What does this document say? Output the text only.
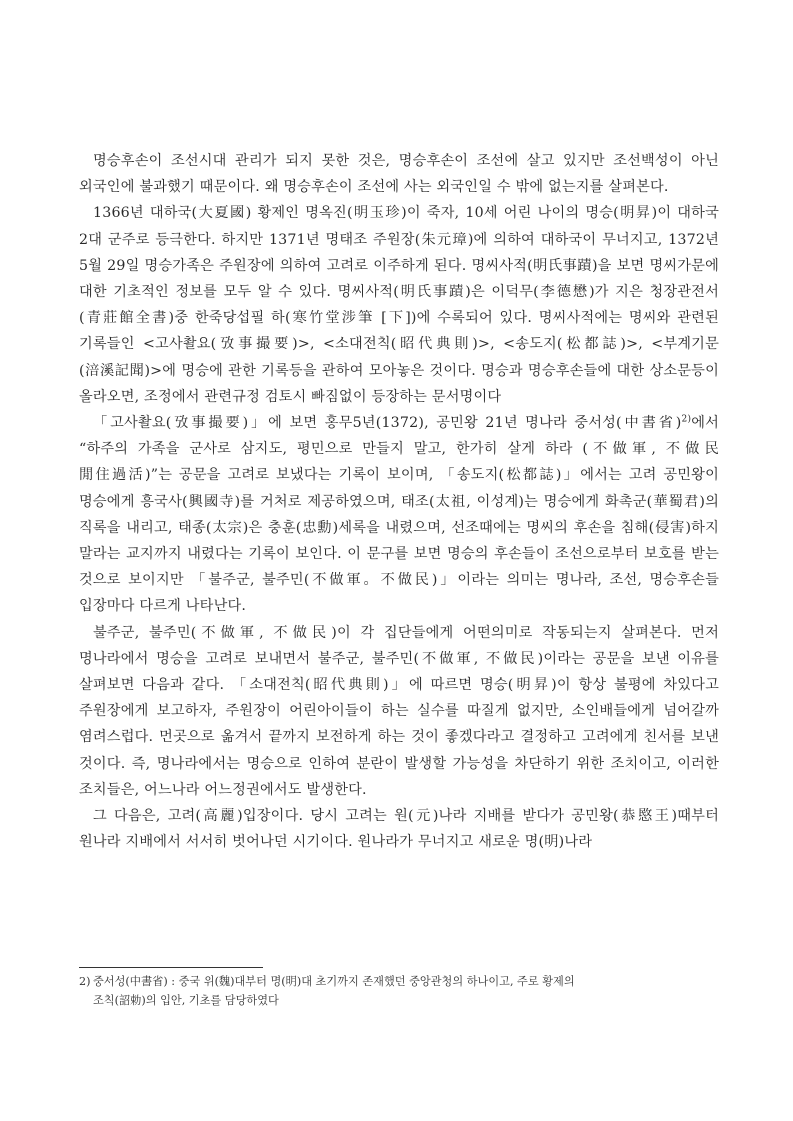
명승후손이 조선시대 관리가 되지 못한 것은, 명승후손이 조선에 살고 있지만 조선백성이 아닌 외국인에 불과했기 때문이다. 왜 명승후손이 조선에 사는 외국인일 수 밖에 없는지를 살펴본다.

1366년 대하국(大夏國) 황제인 명옥진(明玉珍)이 죽자, 10세 어린 나이의 명승(明昇)이 대하국 2대 군주로 등극한다. 하지만 1371년 명태조 주원장(朱元璋)에 의하여 대하국이 무너지고, 1372년 5월 29일 명승가족은 주원장에 의하여 고려로 이주하게 된다. 명씨사적(明氏事蹟)을 보면 명씨가문에 대한 기초적인 정보를 모두 알 수 있다. 명씨사적(明氏事蹟)은 이덕무(李德懋)가 지은 청장관전서(青莊館全書)중 한죽당섭필 하(寒竹堂涉筆 [下])에 수록되어 있다. 명씨사적에는 명씨와 관련된 기록들인 <고사촬요(攷事撮要)>, <소대전칙(昭代典則)>, <송도지(松都誌)>, <부계기문(涪溪記聞)>에 명승에 관한 기록등을 관하여 모아놓은 것이다. 명승과 명승후손들에 대한 상소문등이 올라오면, 조정에서 관련규정 검토시 빠짐없이 등장하는 문서명이다

「고사촬요(攷事撮要)」에 보면 홍무5년(1372), 공민왕 21년 명나라 중서성(中書省)$^{2)}$에서 “하주의 가족을 군사로 삼지도, 평민으로 만들지 말고, 한가히 살게 하라 (不做軍, 不做民 閒住過活)”는 공문을 고려로 보냈다는 기록이 보이며, 「송도지(松都誌)」에서는 고려 공민왕이 명승에게 흥국사(興國寺)를 거처로 제공하였으며, 태조(太祖, 이성계)는 명승에게 화촉군(華蜀君)의 직록을 내리고, 태종(太宗)은 충훈(忠勳)세록을 내렸으며, 선조때에는 명씨의 후손을 침해(侵害)하지 말라는 교지까지 내렸다는 기록이 보인다. 이 문구를 보면 명승의 후손들이 조선으로부터 보호를 받는 것으로 보이지만 「불주군, 불주민(不做軍。不做民)」이라는 의미는 명나라, 조선, 명승후손들 입장마다 다르게 나타난다.

불주군, 불주민(不做軍, 不做民)이 각 집단들에게 어떤의미로 작동되는지 살펴본다. 먼저 명나라에서 명승을 고려로 보내면서 불주군, 불주민(不做軍, 不做民)이라는 공문을 보낸 이유를 살펴보면 다음과 같다. 「소대전칙(昭代典則)」에 따르면 명승(明昇)이 항상 불평에 차있다고 주원장에게 보고하자, 주원장이 어린아이들이 하는 실수를 따질게 없지만, 소인배들에게 넘어갈까 염려스럽다. 먼곳으로 옮겨서 끝까지 보전하게 하는 것이 좋겠다라고 결정하고 고려에게 친서를 보낸 것이다. 즉, 명나라에서는 명승으로 인하여 분란이 발생할 가능성을 차단하기 위한 조치이고, 이러한 조치들은, 어느나라 어느정권에서도 발생한다.

그 다음은, 고려(高麗)입장이다. 당시 고려는 원(元)나라 지배를 받다가 공민왕(恭愍王)때부터 원나라 지배에서 서서히 벗어나던 시기이다. 원나라가 무너지고 새로운 명(明)나라

2) 중서성(中書省) : 중국 위(魏)대부터 명(明)대 초기까지 존재했던 중앙관청의 하나이고, 주로 황제의
조칙(詔勅)의 입안, 기초를 담당하였다
